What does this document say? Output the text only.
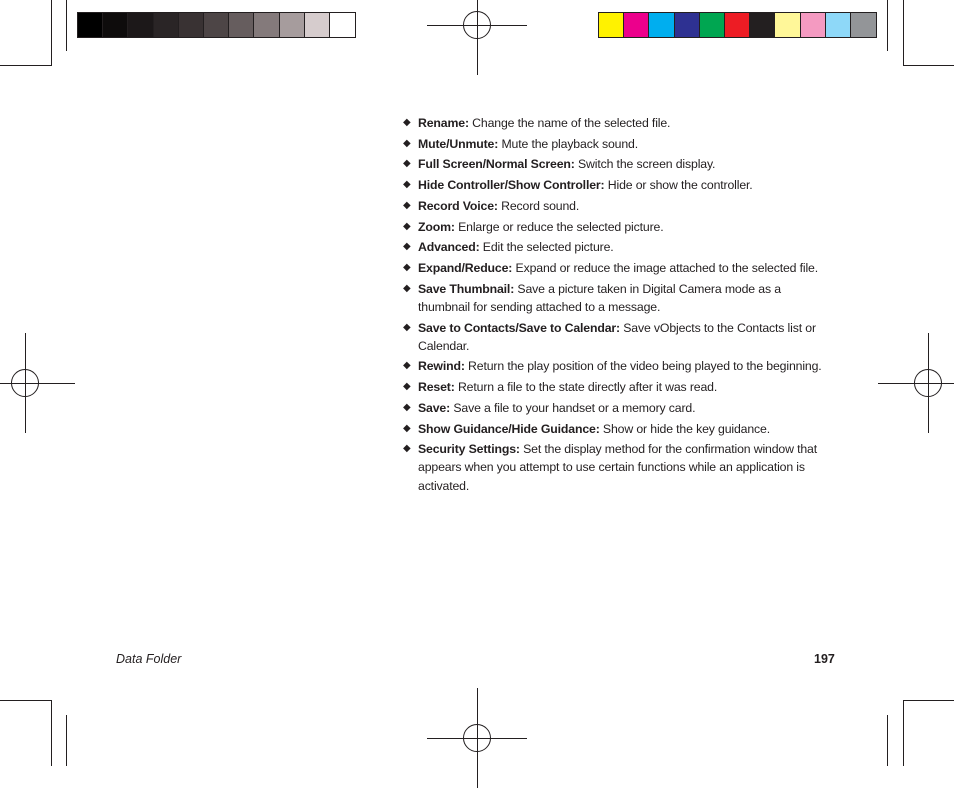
◆ Rename: Change the name of the selected file.
◆ Mute/Unmute: Mute the playback sound.
◆ Full Screen/Normal Screen: Switch the screen display.
◆ Hide Controller/Show Controller: Hide or show the controller.
◆ Record Voice: Record sound.
◆ Zoom: Enlarge or reduce the selected picture.
◆ Advanced: Edit the selected picture.
◆ Expand/Reduce: Expand or reduce the image attached to the selected file.
◆ Save Thumbnail: Save a picture taken in Digital Camera mode as a thumbnail for sending attached to a message.
◆ Save to Contacts/Save to Calendar: Save vObjects to the Contacts list or Calendar.
◆ Rewind: Return the play position of the video being played to the beginning.
◆ Reset: Return a file to the state directly after it was read.
◆ Save: Save a file to your handset or a memory card.
◆ Show Guidance/Hide Guidance: Show or hide the key guidance.
◆ Security Settings: Set the display method for the confirmation window that appears when you attempt to use certain functions while an application is activated.
Data Folder	197
